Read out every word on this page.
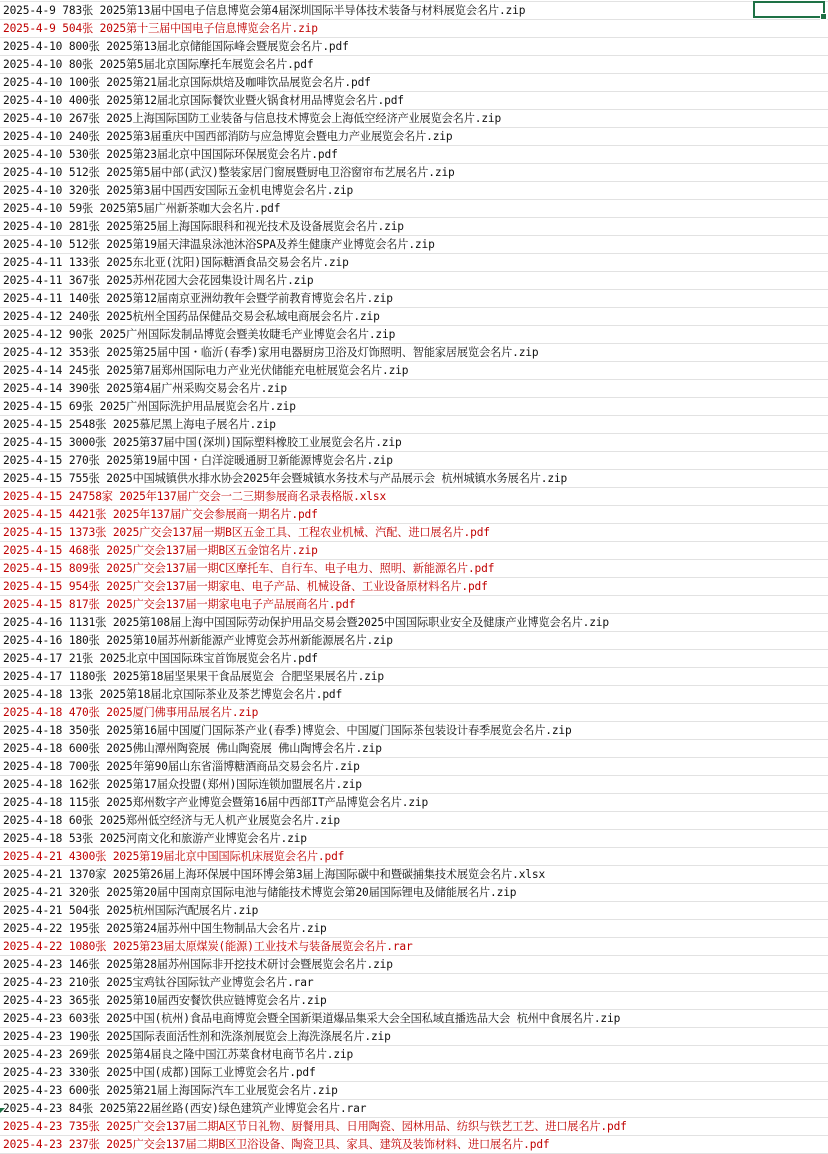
2025-4-9 783张 2025第13届中国电子信息博览会第4届深圳国际半导体技术装备与材料展览会名片.zip
2025-4-9 504张 2025第十三届中国电子信息博览会名片.zip
2025-4-10 800张 2025第13届北京储能国际峰会暨展览会名片.pdf
2025-4-10 80张 2025第5届北京国际摩托车展览会名片.pdf
2025-4-10 100张 2025第21届北京国际烘焙及咖啡饮品展览会名片.pdf
2025-4-10 400张 2025第12届北京国际餐饮业暨火锅食材用品博览会名片.pdf
2025-4-10 267张 2025上海国际国防工业装备与信息技术博览会上海低空经济产业展览会名片.zip
2025-4-10 240张 2025第3届重庆中国西部消防与应急博览会暨电力产业展览会名片.zip
2025-4-10 530张 2025第23届北京中国国际环保展览会名片.pdf
2025-4-10 512张 2025第5届中部(武汉)整装家居门窗展暨厨电卫浴窗帘布艺展名片.zip
2025-4-10 320张 2025第3届中国西安国际五金机电博览会名片.zip
2025-4-10 59张 2025第5届广州新茶咖大会名片.pdf
2025-4-10 281张 2025第25届上海国际眼科和视光技术及设备展览会名片.zip
2025-4-10 512张 2025第19届天津温泉泳池沐浴SPA及养生健康产业博览会名片.zip
2025-4-11 133张 2025东北亚(沈阳)国际糖酒食品交易会名片.zip
2025-4-11 367张 2025苏州花园大会花园集设计周名片.zip
2025-4-11 140张 2025第12届南京亚洲幼教年会暨学前教育博览会名片.zip
2025-4-12 240张 2025杭州全国药品保健品交易会私域电商展会名片.zip
2025-4-12 90张 2025广州国际发制品博览会暨美妆睫毛产业博览会名片.zip
2025-4-12 353张 2025第25届中国・临沂(春季)家用电器厨房卫浴及灯饰照明、智能家居展览会名片.zip
2025-4-14 245张 2025第7届郑州国际电力产业光伏储能充电桩展览会名片.zip
2025-4-14 390张 2025第4届广州采购交易会名片.zip
2025-4-15 69张 2025广州国际洗护用品展览会名片.zip
2025-4-15 2548张 2025慕尼黑上海电子展名片.zip
2025-4-15 3000张 2025第37届中国(深圳)国际塑料橡胶工业展览会名片.zip
2025-4-15 270张 2025第19届中国・白洋淀暖通厨卫新能源博览会名片.zip
2025-4-15 755张 2025中国城镇供水排水协会2025年会暨城镇水务技术与产品展示会 杭州城镇水务展名片.zip
2025-4-15 24758家 2025年137届广交会一二三期参展商名录表格版.xlsx
2025-4-15 4421张 2025年137届广交会参展商一期名片.pdf
2025-4-15 1373张 2025广交会137届一期B区五金工具、工程农业机械、汽配、进口展名片.pdf
2025-4-15 468张 2025广交会137届一期B区五金馆名片.zip
2025-4-15 809张 2025广交会137届一期C区摩托车、自行车、电子电力、照明、新能源名片.pdf
2025-4-15 954张 2025广交会137届一期家电、电子产品、机械设备、工业设备原材料名片.pdf
2025-4-15 817张 2025广交会137届一期家电电子产品展商名片.pdf
2025-4-16 1131张 2025第108届上海中国国际劳动保护用品交易会暨2025中国国际职业安全及健康产业博览会名片.zip
2025-4-16 180张 2025第10届苏州新能源产业博览会苏州新能源展名片.zip
2025-4-17 21张 2025北京中国国际珠宝首饰展览会名片.pdf
2025-4-17 1180张 2025第18届坚果果干食品展览会 合肥坚果展名片.zip
2025-4-18 13张 2025第18届北京国际茶业及茶艺博览会名片.pdf
2025-4-18 470张 2025厦门佛事用品展名片.zip
2025-4-18 350张 2025第16届中国厦门国际茶产业(春季)博览会、中国厦门国际茶包装设计春季展览会名片.zip
2025-4-18 600张 2025佛山潭州陶瓷展 佛山陶瓷展 佛山陶博会名片.zip
2025-4-18 700张 2025年第90届山东省淄博糖酒商品交易会名片.zip
2025-4-18 162张 2025第17届众投盟(郑州)国际连锁加盟展名片.zip
2025-4-18 115张 2025郑州数字产业博览会暨第16届中西部IT产品博览会名片.zip
2025-4-18 60张 2025郑州低空经济与无人机产业展览会名片.zip
2025-4-18 53张 2025河南文化和旅游产业博览会名片.zip
2025-4-21 4300张 2025第19届北京中国国际机床展览会名片.pdf
2025-4-21 1370家 2025第26届上海环保展中国环博会第3届上海国际碳中和暨碳捕集技术展览会名片.xlsx
2025-4-21 320张 2025第20届中国南京国际电池与储能技术博览会第20届国际锂电及储能展名片.zip
2025-4-21 504张 2025杭州国际汽配展名片.zip
2025-4-22 195张 2025第24届苏州中国生物制品大会名片.zip
2025-4-22 1080张 2025第23届太原煤炭(能源)工业技术与装备展览会名片.rar
2025-4-23 146张 2025第28届苏州国际非开挖技术研讨会暨展览会名片.zip
2025-4-23 210张 2025宝鸡钛谷国际钛产业博览会名片.rar
2025-4-23 365张 2025第10届西安餐饮供应链博览会名片.zip
2025-4-23 603张 2025中国(杭州)食品电商博览会暨全国新渠道爆品集采大会全国私域直播选品大会 杭州中食展名片.zip
2025-4-23 190张 2025国际表面活性剂和洗涤剂展览会上海洗涤展名片.zip
2025-4-23 269张 2025第4届良之隆中国江苏菜食材电商节名片.zip
2025-4-23 330张 2025中国(成都)国际工业博览会名片.pdf
2025-4-23 600张 2025第21届上海国际汽车工业展览会名片.zip
2025-4-23 84张 2025第22届丝路(西安)绿色建筑产业博览会名片.rar
2025-4-23 735张 2025广交会137届二期A区节日礼物、厨餐用具、日用陶瓷、园林用品、纺织与铁艺工艺、进口展名片.pdf
2025-4-23 237张 2025广交会137届二期B区卫浴设备、陶瓷卫具、家具、建筑及装饰材料、进口展名片.pdf
